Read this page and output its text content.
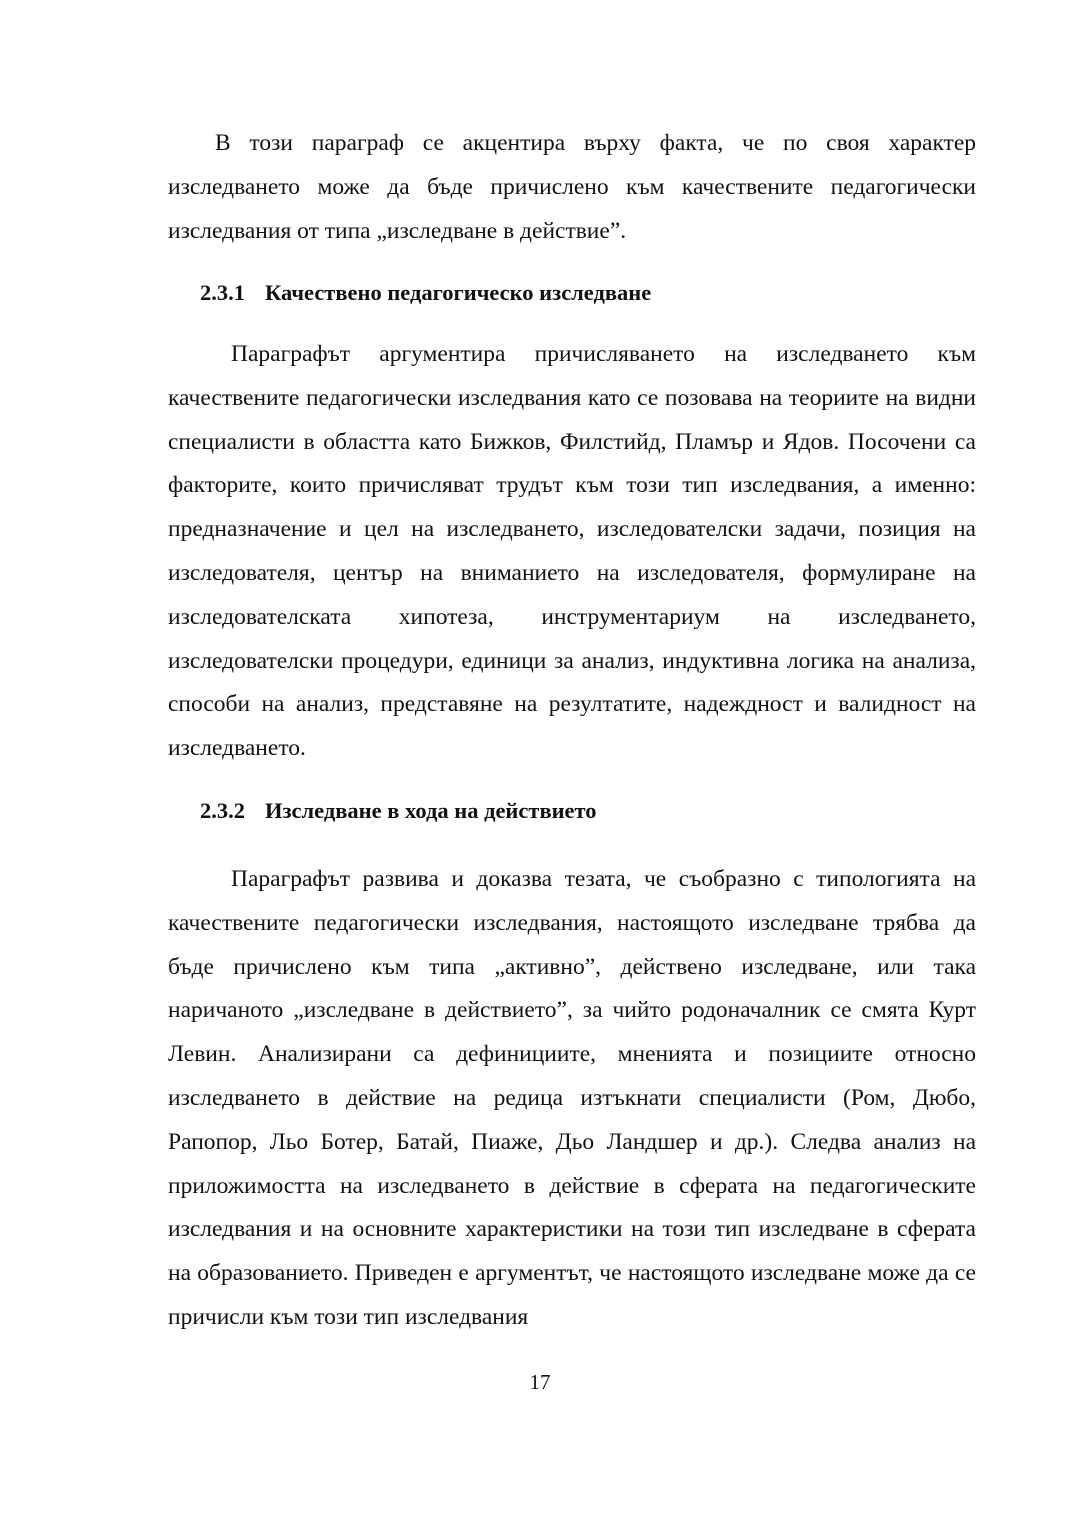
В този параграф се акцентира върху факта, че по своя характер изследването може да бъде причислено към качествените педагогически изследвания от типа „изследване в действие”.

2.3.1 Качествено педагогическо изследване

Параграфът аргументира причисляването на изследването към качествените педагогически изследвания като се позовава на теориите на видни специалисти в областта като Бижков, Филстийд, Пламър и Ядов. Посочени са факторите, които причисляват трудът към този тип изследвания, а именно: предназначение и цел на изследването, изследователски задачи, позиция на изследователя, център на вниманието на изследователя, формулиране на изследователската хипотеза, инструментариум на изследването, изследователски процедури, единици за анализ, индуктивна логика на анализа, способи на анализ, представяне на резултатите, надеждност и валидност на изследването.

2.3.2 Изследване в хода на действието

Параграфът развива и доказва тезата, че съобразно с типологията на качествените педагогически изследвания, настоящото изследване трябва да бъде причислено към типа „активно”, действено изследване, или така наричаното „изследване в действието”, за чийто родоначалник се смята Курт Левин. Анализирани са дефинициите, мненията и позициите относно изследването в действие на редица изтъкнати специалисти (Ром, Дюбо, Рапопор, Льо Ботер, Батай, Пиаже, Дьо Ландшер и др.). Следва анализ на приложимостта на изследването в действие в сферата на педагогическите изследвания и на основните характеристики на този тип изследване в сферата на образованието. Приведен е аргументът, че настоящото изследване може да се причисли към този тип изследвания

17
